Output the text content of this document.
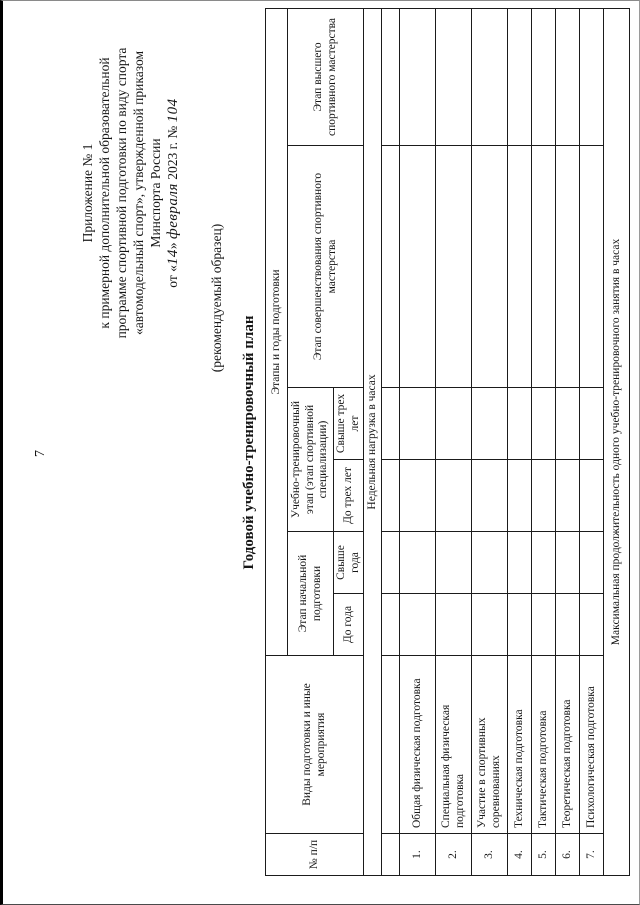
7
Приложение № 1 к примерной дополнительной образовательной программе спортивной подготовки по виду спорта «автомодельный спорт», утвержденной приказом Минспорта России
от «14» февраля 2023 г. № 104
(рекомендуемый образец)
Годовой учебно-тренировочный план
№ п/п	Виды подготовки и иные мероприятия	Этапы и годы подготовки					
		Этап начальной подготовки		Учебно-тренировочный этап (этап спортивной специализации)		Этап совершенствования спортивного мастерства	Этап высшего спортивного мастерства
		До года	Свыше года	До трех лет	Свыше трех лет		
Недельная нагрузка в часах							

1.	Общая физическая подготовка						
2.	Специальная физическая подготовка						
3.	Участие в спортивных соревнованиях						
4.	Техническая подготовка						
5.	Тактическая подготовка						
6.	Теоретическая подготовка						
7.	Психологическая подготовка						
Максимальная продолжительность одного учебно-тренировочного занятия в часах							
